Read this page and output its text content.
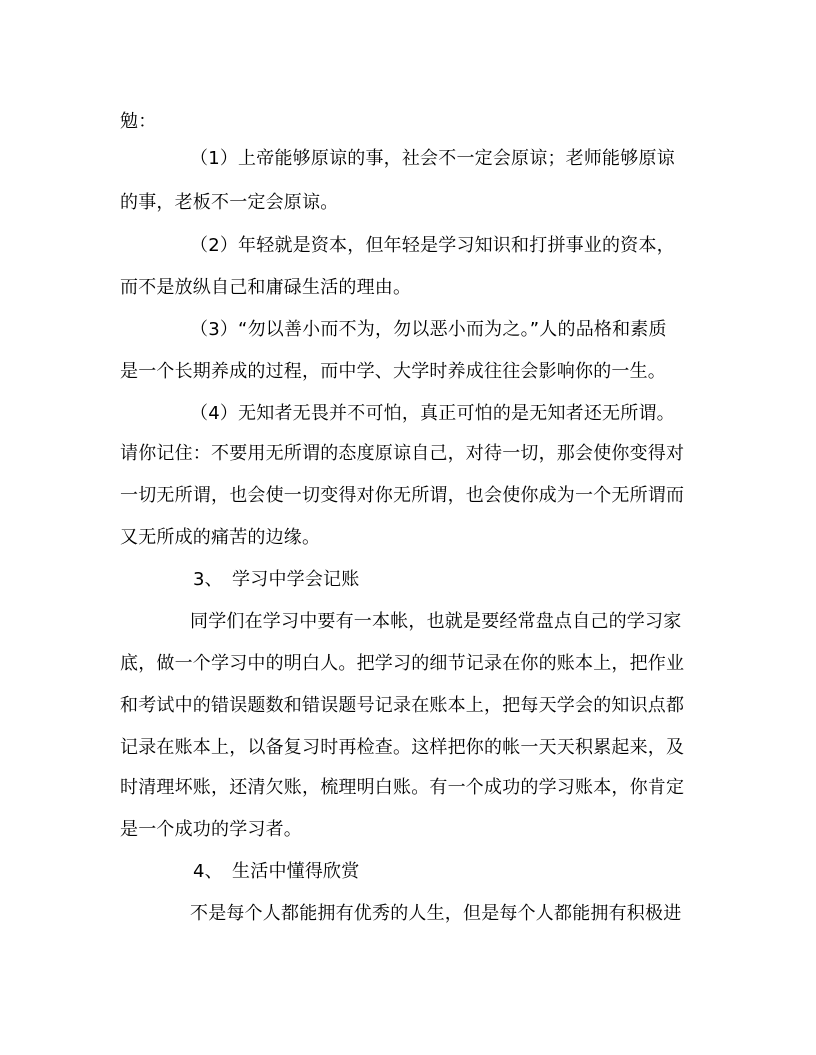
勉：
（1）上帝能够原谅的事，社会不一定会原谅；老师能够原谅
的事，老板不一定会原谅。
（2）年轻就是资本，但年轻是学习知识和打拼事业的资本，
而不是放纵自己和庸碌生活的理由。
（3）“勿以善小而不为，勿以恶小而为之。”人的品格和素质
是一个长期养成的过程，而中学、大学时养成往往会影响你的一生。
（4）无知者无畏并不可怕，真正可怕的是无知者还无所谓。
请你记住：不要用无所谓的态度原谅自己，对待一切，那会使你变得对
一切无所谓，也会使一切变得对你无所谓，也会使你成为一个无所谓而
又无所成的痛苦的边缘。
3、　学习中学会记账
同学们在学习中要有一本帐，也就是要经常盘点自己的学习家
底，做一个学习中的明白人。把学习的细节记录在你的账本上，把作业
和考试中的错误题数和错误题号记录在账本上，把每天学会的知识点都
记录在账本上，以备复习时再检查。这样把你的帐一天天积累起来，及
时清理坏账，还清欠账，梳理明白账。有一个成功的学习账本，你肯定
是一个成功的学习者。
4、　生活中懂得欣赏
不是每个人都能拥有优秀的人生，但是每个人都能拥有积极进
